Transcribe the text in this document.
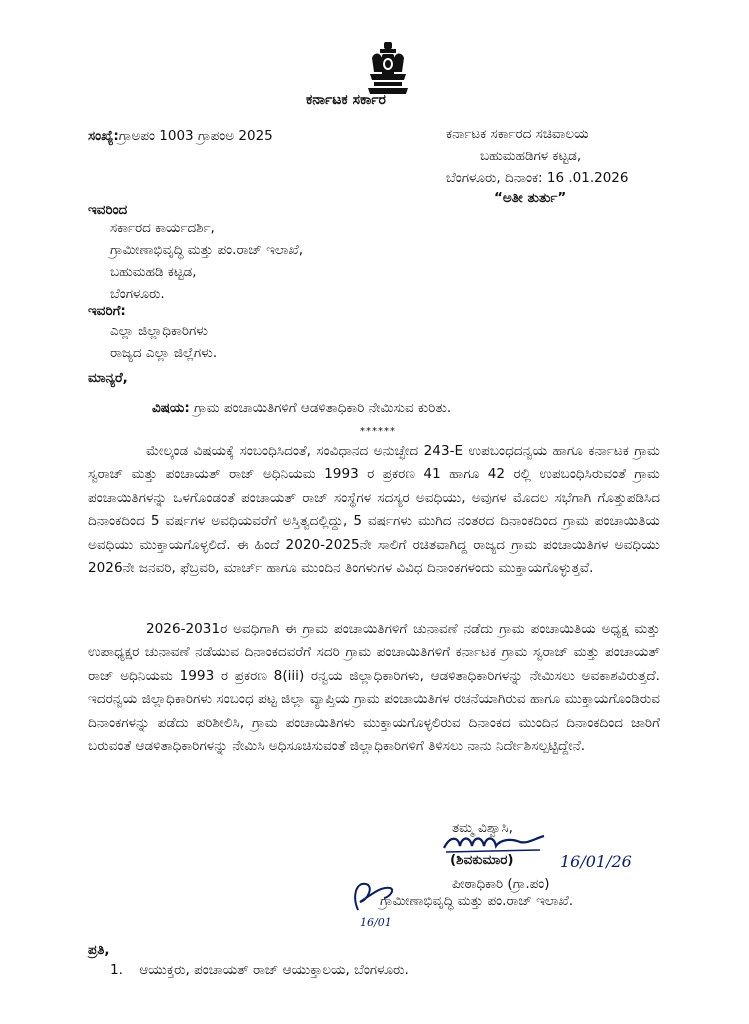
ಕರ್ನಾಟಕ ಸರ್ಕಾರ
ಸಂಖ್ಯೆ:ಗ್ರಾಅಪಂ 1003 ಗ್ರಾಪಂಅ 2025	ಕರ್ನಾಟಕ ಸರ್ಕಾರದ ಸಚಿವಾಲಯ
ಬಹುಮಹಡಿಗಳ ಕಟ್ಟಡ,
ಬೆಂಗಳೂರು, ದಿನಾಂಕ: 16 .01.2026
“ಅತೀ ತುರ್ತು”
ಇವರಿಂದ
ಸರ್ಕಾರದ ಕಾರ್ಯದರ್ಶಿ,
ಗ್ರಾಮೀಣಾಭಿವೃದ್ಧಿ ಮತ್ತು ಪಂ.ರಾಜ್ ಇಲಾಖೆ,
ಬಹುಮಹಡಿ ಕಟ್ಟಡ,
ಬೆಂಗಳೂರು.
ಇವರಿಗೆ:
ಎಲ್ಲಾ ಜಿಲ್ಲಾಧಿಕಾರಿಗಳು
ರಾಜ್ಯದ ಎಲ್ಲಾ ಜಿಲ್ಲೆಗಳು.
ಮಾನ್ಯರೆ,
ವಿಷಯ: ಗ್ರಾಮ ಪಂಚಾಯಿತಿಗಳಿಗೆ ಆಡಳಿತಾಧಿಕಾರಿ ನೇಮಿಸುವ ಕುರಿತು.
******
ಮೇಲ್ಕಂಡ ವಿಷಯಕ್ಕೆ ಸಂಬಂಧಿಸಿದಂತೆ, ಸಂವಿಧಾನದ ಅನುಚ್ಛೇದ 243-E ಉಪಬಂಧದನ್ವಯ ಹಾಗೂ ಕರ್ನಾಟಕ ಗ್ರಾಮ ಸ್ವರಾಜ್ ಮತ್ತು ಪಂಚಾಯತ್ ರಾಜ್ ಅಧಿನಿಯಮ 1993 ರ ಪ್ರಕರಣ 41 ಹಾಗೂ 42 ರಲ್ಲಿ ಉಪಬಂಧಿಸಿರುವಂತೆ ಗ್ರಾಮ ಪಂಚಾಯಿತಿಗಳನ್ನು ಒಳಗೊಂಡಂತೆ ಪಂಚಾಯತ್ ರಾಜ್ ಸಂಸ್ಥೆಗಳ ಸದಸ್ಯರ ಅವಧಿಯು, ಅವುಗಳ ಮೊದಲ ಸಭೆಗಾಗಿ ಗೊತ್ತುಪಡಿಸಿದ ದಿನಾಂಕದಿಂದ 5 ವರ್ಷಗಳ ಅವಧಿಯವರೆಗೆ ಅಸ್ತಿತ್ವದಲ್ಲಿದ್ದು, 5 ವರ್ಷಗಳು ಮುಗಿದ ನಂತರದ ದಿನಾಂಕದಿಂದ ಗ್ರಾಮ ಪಂಚಾಯಿತಿಯ ಅವಧಿಯು ಮುಕ್ತಾಯಗೊಳ್ಳಲಿದೆ. ಈ ಹಿಂದೆ 2020-2025ನೇ ಸಾಲಿಗೆ ರಚಿತವಾಗಿದ್ದ ರಾಜ್ಯದ ಗ್ರಾಮ ಪಂಚಾಯಿತಿಗಳ ಅವಧಿಯು 2026ನೇ ಜನವರಿ, ಫೆಬ್ರವರಿ, ಮಾರ್ಚ್ ಹಾಗೂ ಮುಂದಿನ ತಿಂಗಳುಗಳ ವಿವಿಧ ದಿನಾಂಕಗಳಂದು ಮುಕ್ತಾಯಗೊಳ್ಳುತ್ತವೆ.
2026-2031ರ ಅವಧಿಗಾಗಿ ಈ ಗ್ರಾಮ ಪಂಚಾಯಿತಿಗಳಿಗೆ ಚುನಾವಣೆ ನಡೆದು ಗ್ರಾಮ ಪಂಚಾಯಿತಿಯ ಅಧ್ಯಕ್ಷ ಮತ್ತು ಉಪಾಧ್ಯಕ್ಷರ ಚುನಾವಣೆ ನಡೆಯುವ ದಿನಾಂಕದವರೆಗೆ ಸದರಿ ಗ್ರಾಮ ಪಂಚಾಯಿತಿಗಳಿಗೆ ಕರ್ನಾಟಕ ಗ್ರಾಮ ಸ್ವರಾಜ್ ಮತ್ತು ಪಂಚಾಯತ್ ರಾಜ್ ಅಧಿನಿಯಮ 1993 ರ ಪ್ರಕರಣ 8(iii) ರನ್ವಯ ಜಿಲ್ಲಾಧಿಕಾರಿಗಳು, ಆಡಳಿತಾಧಿಕಾರಿಗಳನ್ನು ನೇಮಿಸಲು ಅವಕಾಶವಿರುತ್ತದೆ. ಇದರನ್ವಯ ಜಿಲ್ಲಾಧಿಕಾರಿಗಳು ಸಂಬಂಧ ಪಟ್ಟ ಜಿಲ್ಲಾ ವ್ಯಾಪ್ತಿಯ ಗ್ರಾಮ ಪಂಚಾಯಿತಿಗಳ ರಚನೆಯಾಗಿರುವ ಹಾಗೂ ಮುಕ್ತಾಯಗೊಂಡಿರುವ ದಿನಾಂಕಗಳನ್ನು ಪಡೆದು ಪರಿಶೀಲಿಸಿ, ಗ್ರಾಮ ಪಂಚಾಯಿತಿಗಳು ಮುಕ್ತಾಯಗೊಳ್ಳಲಿರುವ ದಿನಾಂಕದ ಮುಂದಿನ ದಿನಾಂಕದಿಂದ ಜಾರಿಗೆ ಬರುವಂತೆ ಆಡಳಿತಾಧಿಕಾರಿಗಳನ್ನು ನೇಮಿಸಿ ಅಧಿಸೂಚಿಸುವಂತೆ ಜಿಲ್ಲಾಧಿಕಾರಿಗಳಿಗೆ ತಿಳಿಸಲು ನಾನು ನಿರ್ದೇಶಿಸಲ್ಪಟ್ಟಿದ್ದೇನೆ.
ತಮ್ಮ ವಿಶ್ವಾಸಿ,
(ಶಿವಕುಮಾರ)	16/01/26
ಪೀಠಾಧಿಕಾರಿ (ಗ್ರಾ.ಪಂ)
ಗ್ರಾಮೀಣಾಭಿವೃದ್ಧಿ ಮತ್ತು ಪಂ.ರಾಜ್ ಇಲಾಖೆ.
16/01
ಪ್ರತಿ,
1. ಆಯುಕ್ತರು, ಪಂಚಾಯತ್ ರಾಜ್ ಆಯುಕ್ತಾಲಯ, ಬೆಂಗಳೂರು.
